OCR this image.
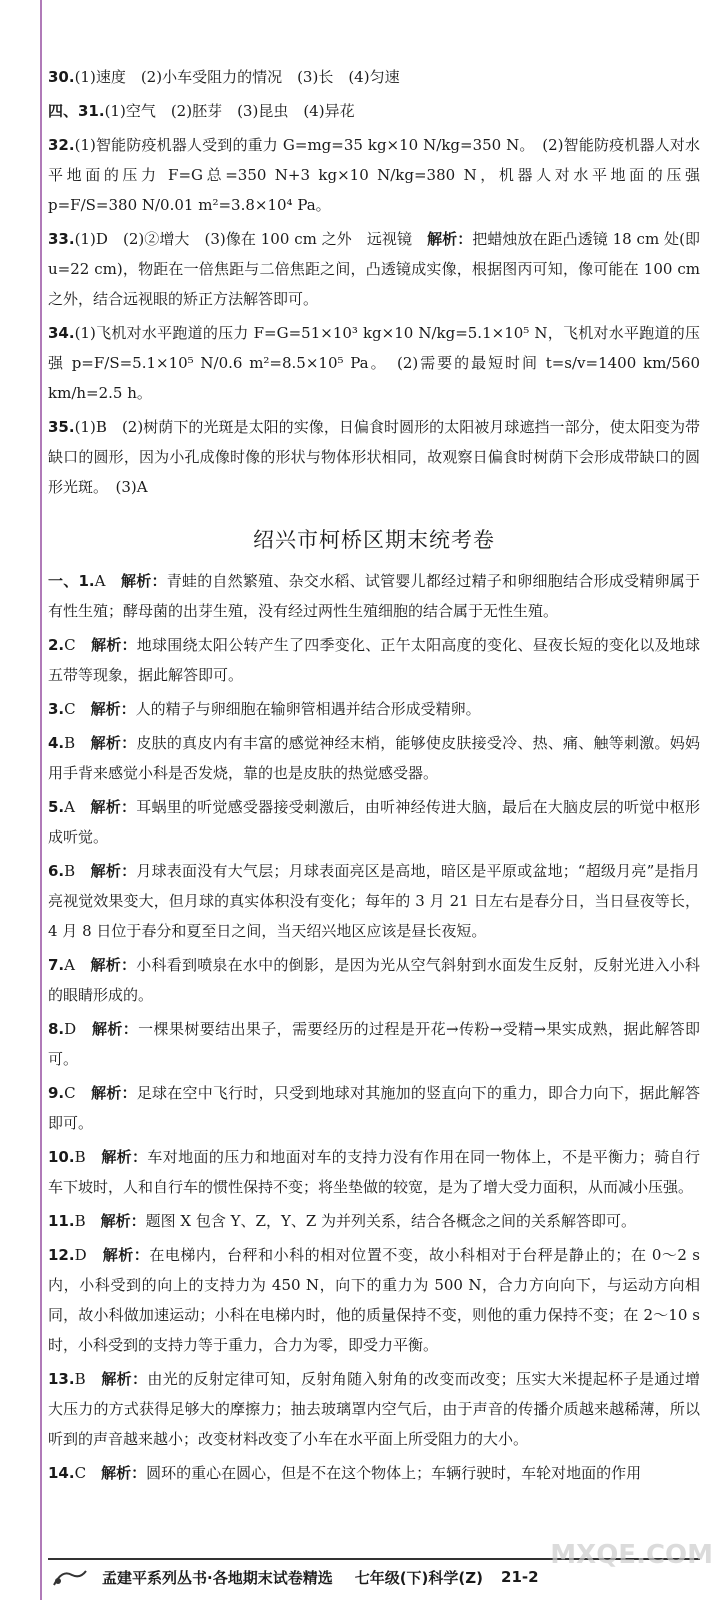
30.(1)速度　(2)小车受阻力的情况　(3)长　(4)匀速

四、31.(1)空气　(2)胚芽　(3)昆虫　(4)异花

32.(1)智能防疫机器人受到的重力 G=mg=35 kg×10 N/kg=350 N。　(2)智能防疫机器人对水平地面的压力 F=G总=350 N+3 kg×10 N/kg=380 N，机器人对水平地面的压强 p=F/S=380 N/0.01 m²=3.8×10⁴ Pa。

33.(1)D　(2)②增大　(3)像在 100 cm 之外　远视镜　解析：把蜡烛放在距凸透镜 18 cm 处(即 u=22 cm)，物距在一倍焦距与二倍焦距之间，凸透镜成实像，根据图丙可知，像可能在 100 cm 之外，结合远视眼的矫正方法解答即可。

34.(1)飞机对水平跑道的压力 F=G=51×10³ kg×10 N/kg=5.1×10⁵ N，飞机对水平跑道的压强 p=F/S=5.1×10⁵ N/0.6 m²=8.5×10⁵ Pa。　(2)需要的最短时间 t=s/v=1400 km/560 km/h=2.5 h。

35.(1)B　(2)树荫下的光斑是太阳的实像，日偏食时圆形的太阳被月球遮挡一部分，使太阳变为带缺口的圆形，因为小孔成像时像的形状与物体形状相同，故观察日偏食时树荫下会形成带缺口的圆形光斑。　(3)A

绍兴市柯桥区期末统考卷

一、1.A　 解析：青蛙的自然繁殖、杂交水稻、试管婴儿都经过精子和卵细胞结合形成受精卵属于有性生殖；酵母菌的出芽生殖，没有经过两性生殖细胞的结合属于无性生殖。

2.C　 解析：地球围绕太阳公转产生了四季变化、正午太阳高度的变化、昼夜长短的变化以及地球五带等现象，据此解答即可。

3.C　 解析：人的精子与卵细胞在输卵管相遇并结合形成受精卵。

4.B　 解析：皮肤的真皮内有丰富的感觉神经末梢，能够使皮肤接受冷、热、痛、触等刺激。妈妈用手背来感觉小科是否发烧，靠的也是皮肤的热觉感受器。

5.A　 解析：耳蜗里的听觉感受器接受刺激后，由听神经传进大脑，最后在大脑皮层的听觉中枢形成听觉。

6.B　 解析：月球表面没有大气层；月球表面亮区是高地，暗区是平原或盆地；“超级月亮”是指月亮视觉效果变大，但月球的真实体积没有变化；每年的 3 月 21 日左右是春分日，当日昼夜等长，4 月 8 日位于春分和夏至日之间，当天绍兴地区应该是昼长夜短。

7.A　 解析：小科看到喷泉在水中的倒影，是因为光从空气斜射到水面发生反射，反射光进入小科的眼睛形成的。

8.D　 解析：一棵果树要结出果子，需要经历的过程是开花→传粉→受精→果实成熟，据此解答即可。

9.C　 解析：足球在空中飞行时，只受到地球对其施加的竖直向下的重力，即合力向下，据此解答即可。

10.B　 解析：车对地面的压力和地面对车的支持力没有作用在同一物体上，不是平衡力；骑自行车下坡时，人和自行车的惯性保持不变；将坐垫做的较宽，是为了增大受力面积，从而减小压强。

11.B　 解析：题图 X 包含 Y、Z，Y、Z 为并列关系，结合各概念之间的关系解答即可。

12.D　 解析：在电梯内，台秤和小科的相对位置不变，故小科相对于台秤是静止的；在 0～2 s 内，小科受到的向上的支持力为 450 N，向下的重力为 500 N，合力方向向下，与运动方向相同，故小科做加速运动；小科在电梯内时，他的质量保持不变，则他的重力保持不变；在 2～10 s 时，小科受到的支持力等于重力，合力为零，即受力平衡。

13.B　 解析：由光的反射定律可知，反射角随入射角的改变而改变；压实大米提起杯子是通过增大压力的方式获得足够大的摩擦力；抽去玻璃罩内空气后，由于声音的传播介质越来越稀薄，所以听到的声音越来越小；改变材料改变了小车在水平面上所受阻力的大小。

14.C　 解析：圆环的重心在圆心，但是不在这个物体上；车辆行驶时，车轮对地面的作用

孟建平系列丛书·各地期末试卷精选 七年级(下)科学(Z) 21-2
MXQE.COM
